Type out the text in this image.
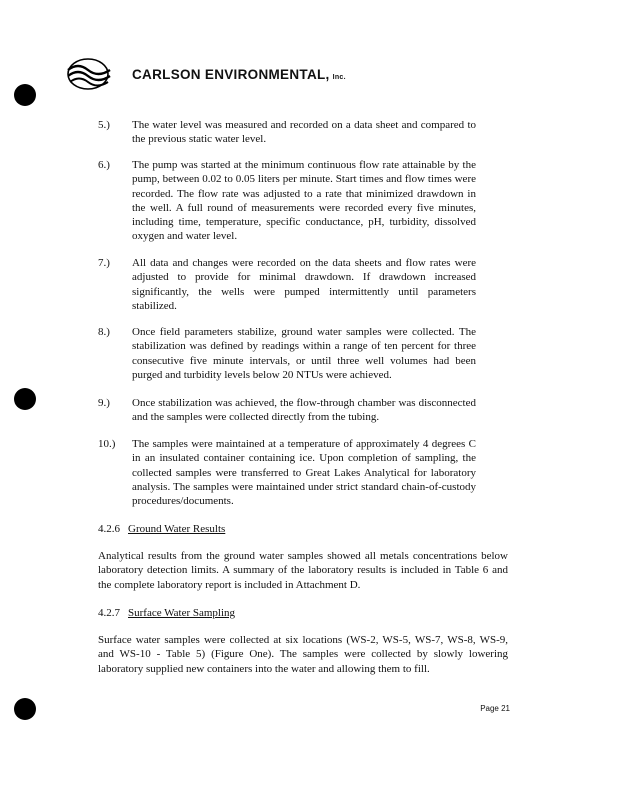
CARLSON ENVIRONMENTAL, Inc.
5.) The water level was measured and recorded on a data sheet and compared to the previous static water level.
6.) The pump was started at the minimum continuous flow rate attainable by the pump, between 0.02 to 0.05 liters per minute. Start times and flow times were recorded. The flow rate was adjusted to a rate that minimized drawdown in the well. A full round of measurements were recorded every five minutes, including time, temperature, specific conductance, pH, turbidity, dissolved oxygen and water level.
7.) All data and changes were recorded on the data sheets and flow rates were adjusted to provide for minimal drawdown. If drawdown increased significantly, the wells were pumped intermittently until parameters stabilized.
8.) Once field parameters stabilize, ground water samples were collected. The stabilization was defined by readings within a range of ten percent for three consecutive five minute intervals, or until three well volumes had been purged and turbidity levels below 20 NTUs were achieved.
9.) Once stabilization was achieved, the flow-through chamber was disconnected and the samples were collected directly from the tubing.
10.) The samples were maintained at a temperature of approximately 4 degrees C in an insulated container containing ice. Upon completion of sampling, the collected samples were transferred to Great Lakes Analytical for laboratory analysis. The samples were maintained under strict standard chain-of-custody procedures/documents.
4.2.6 Ground Water Results
Analytical results from the ground water samples showed all metals concentrations below laboratory detection limits. A summary of the laboratory results is included in Table 6 and the complete laboratory report is included in Attachment D.
4.2.7 Surface Water Sampling
Surface water samples were collected at six locations (WS-2, WS-5, WS-7, WS-8, WS-9, and WS-10 - Table 5) (Figure One). The samples were collected by slowly lowering laboratory supplied new containers into the water and allowing them to fill.
Page 21
